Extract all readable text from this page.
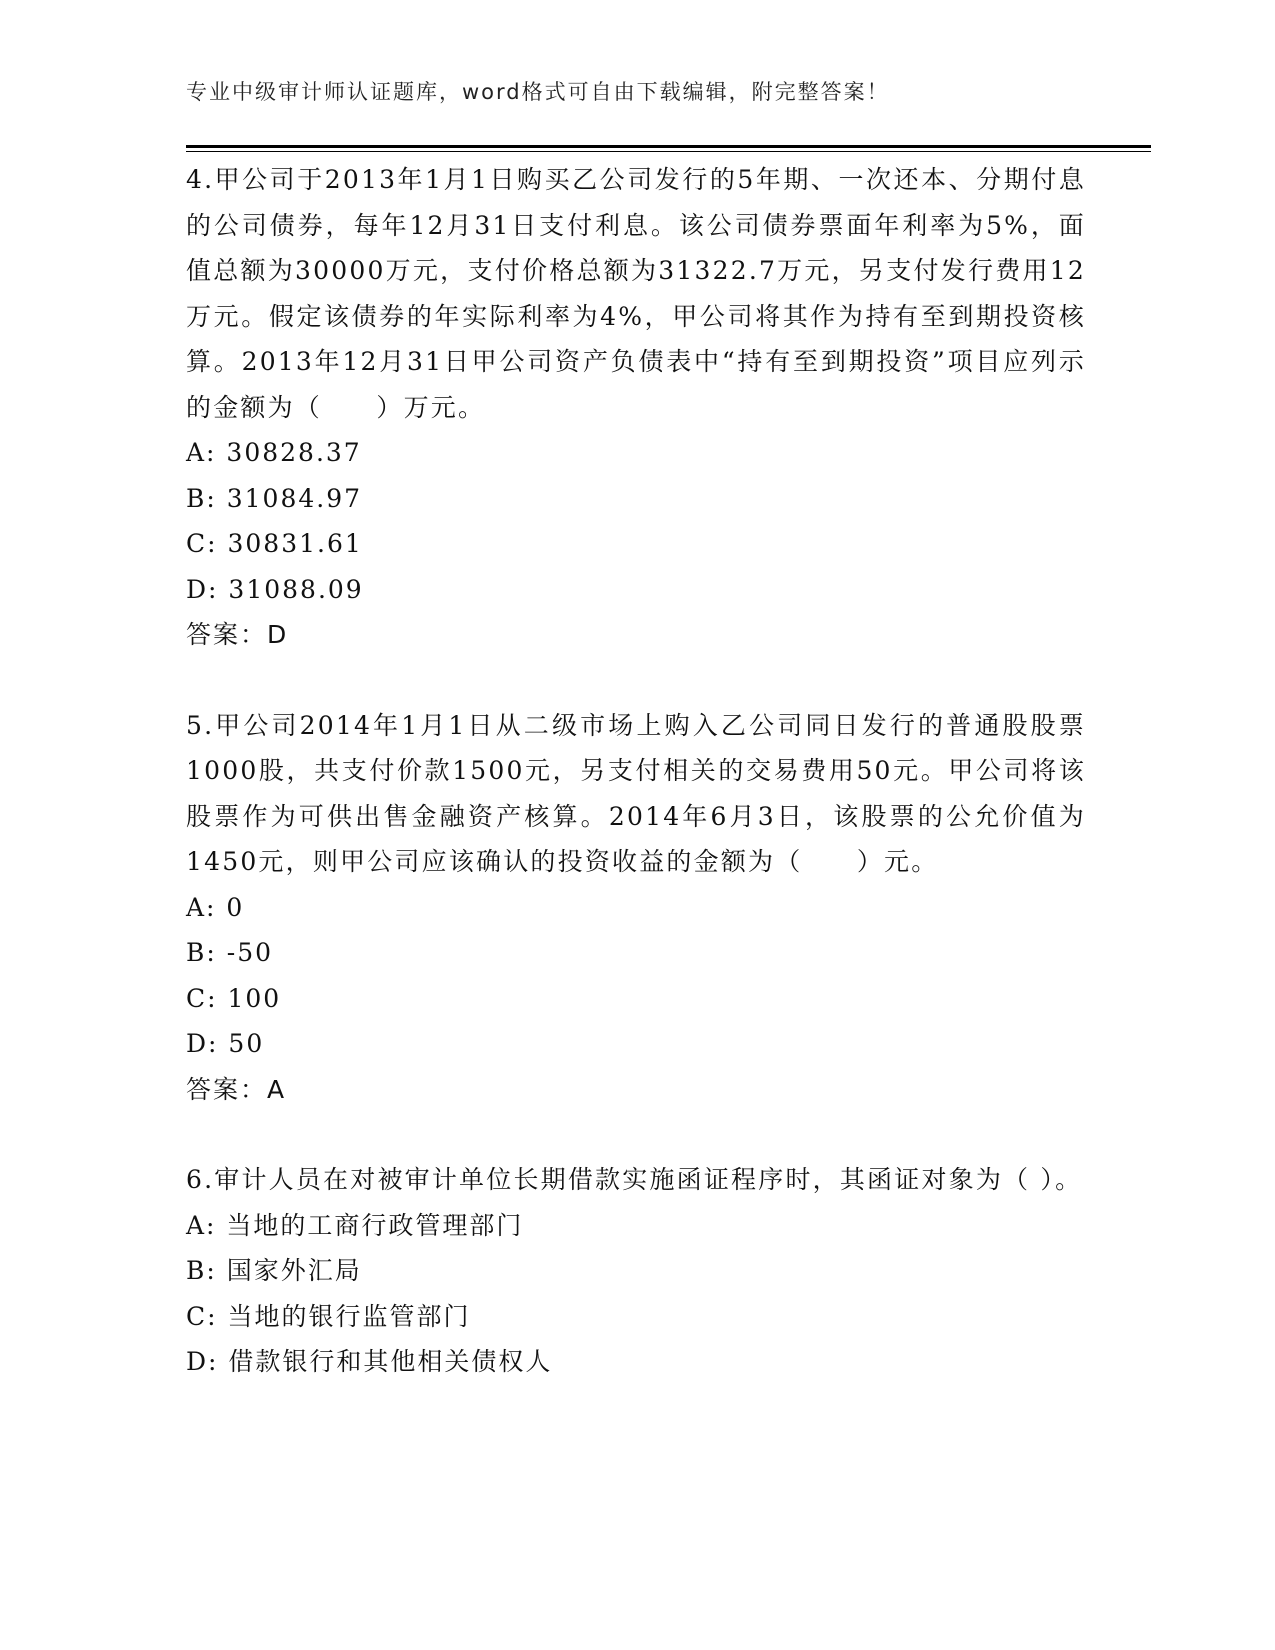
专业中级审计师认证题库，word格式可自由下载编辑，附完整答案！

4.甲公司于2013年1月1日购买乙公司发行的5年期、一次还本、分期付息的公司债券，每年12月31日支付利息。该公司债券票面年利率为5%，面值总额为30000万元，支付价格总额为31322.7万元，另支付发行费用12万元。假定该债券的年实际利率为4%，甲公司将其作为持有至到期投资核算。2013年12月31日甲公司资产负债表中“持有至到期投资”项目应列示的金额为（　　）万元。

A: 30828.37

B: 31084.97

C: 30831.61

D: 31088.09

答案：D

5.甲公司2014年1月1日从二级市场上购入乙公司同日发行的普通股股票1000股，共支付价款1500元，另支付相关的交易费用50元。甲公司将该股票作为可供出售金融资产核算。2014年6月3日，该股票的公允价值为1450元，则甲公司应该确认的投资收益的金额为（　　）元。

A: 0

B: -50

C: 100

D: 50

答案：A

6.审计人员在对被审计单位长期借款实施函证程序时，其函证对象为（ ）。

A: 当地的工商行政管理部门

B: 国家外汇局

C: 当地的银行监管部门

D: 借款银行和其他相关债权人
